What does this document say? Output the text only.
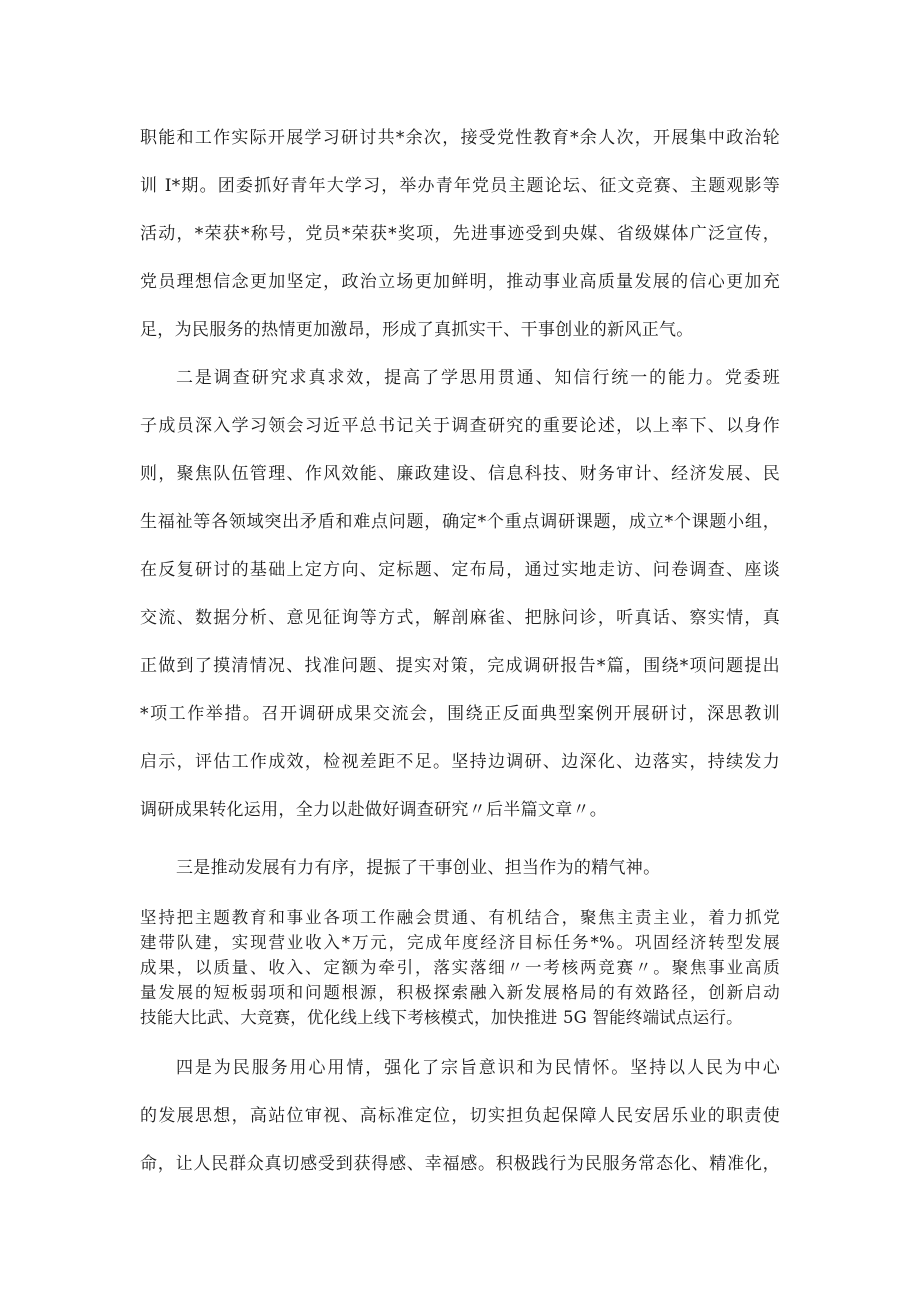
职能和工作实际开展学习研讨共*余次，接受党性教育*余人次，开展集中政治轮
训 I*期。团委抓好青年大学习，举办青年党员主题论坛、征文竞赛、主题观影等
活动，*荣获*称号，党员*荣获*奖项，先进事迹受到央媒、省级媒体广泛宣传，
党员理想信念更加坚定，政治立场更加鲜明，推动事业高质量发展的信心更加充
足，为民服务的热情更加激昂，形成了真抓实干、干事创业的新风正气。
二是调查研究求真求效，提高了学思用贯通、知信行统一的能力。党委班
子成员深入学习领会习近平总书记关于调查研究的重要论述，以上率下、以身作
则，聚焦队伍管理、作风效能、廉政建设、信息科技、财务审计、经济发展、民
生福祉等各领域突出矛盾和难点问题，确定*个重点调研课题，成立*个课题小组，
在反复研讨的基础上定方向、定标题、定布局，通过实地走访、问卷调查、座谈
交流、数据分析、意见征询等方式，解剖麻雀、把脉问诊，听真话、察实情，真
正做到了摸清情况、找准问题、提实对策，完成调研报告*篇，围绕*项问题提出
*项工作举措。召开调研成果交流会，围绕正反面典型案例开展研讨，深思教训
启示，评估工作成效，检视差距不足。坚持边调研、边深化、边落实，持续发力
调研成果转化运用，全力以赴做好调查研究〃后半篇文章〃。
三是推动发展有力有序，提振了干事创业、担当作为的精气神。
坚持把主题教育和事业各项工作融会贯通、有机结合，聚焦主责主业，着力抓党
建带队建，实现营业收入*万元，完成年度经济目标任务*%。巩固经济转型发展
成果，以质量、收入、定额为牵引，落实落细〃一考核两竞赛〃。聚焦事业高质
量发展的短板弱项和问题根源，积极探索融入新发展格局的有效路径，创新启动
技能大比武、大竞赛，优化线上线下考核模式，加快推进 5G 智能终端试点运行。
四是为民服务用心用情，强化了宗旨意识和为民情怀。坚持以人民为中心
的发展思想，高站位审视、高标准定位，切实担负起保障人民安居乐业的职责使
命，让人民群众真切感受到获得感、幸福感。积极践行为民服务常态化、精准化，
